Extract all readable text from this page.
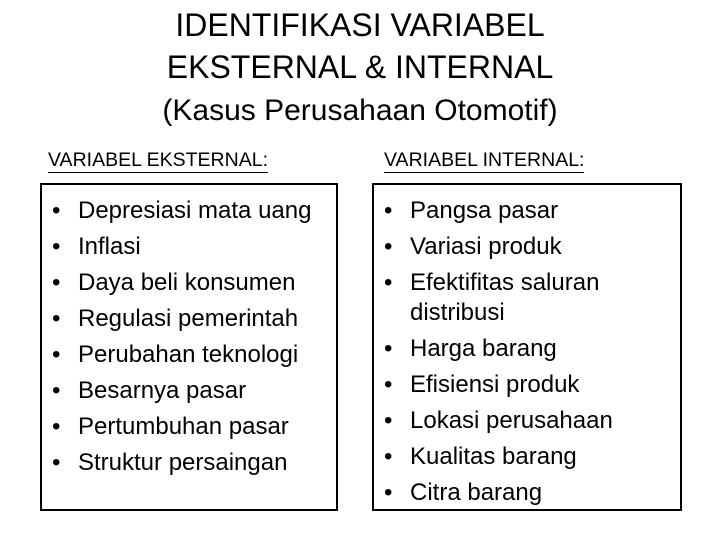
IDENTIFIKASI VARIABEL
EKSTERNAL & INTERNAL
(Kasus Perusahaan Otomotif)
VARIABEL EKSTERNAL:	VARIABEL INTERNAL:
• Depresiasi mata uang
• Inflasi
• Daya beli konsumen
• Regulasi pemerintah
• Perubahan teknologi
• Besarnya pasar
• Pertumbuhan pasar
• Struktur persaingan
• Pangsa pasar
• Variasi produk
• Efektifitas saluran distribusi
• Harga barang
• Efisiensi produk
• Lokasi perusahaan
• Kualitas barang
• Citra barang
